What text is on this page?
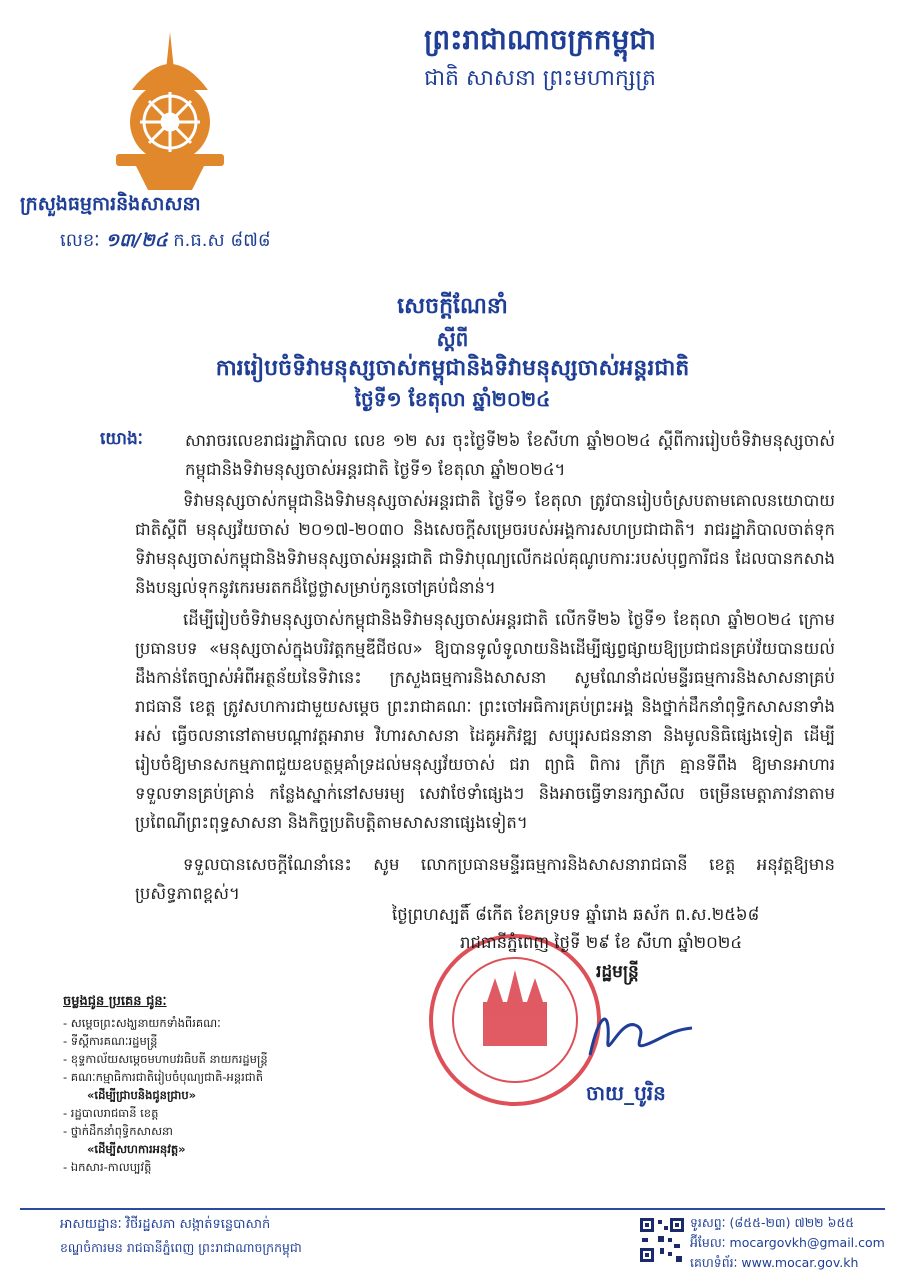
ព្រះរាជាណាចក្រកម្ពុជា
ជាតិ សាសនា ព្រះមហាក្សត្រ
ក្រសួងធម្មការនិងសាសនា
លេខៈ ១៣/២៤ ក.ធ.ស ៨៧៨
សេចក្តីណែនាំ
ស្តីពី
ការរៀបចំទិវាមនុស្សចាស់កម្ពុជានិងទិវាមនុស្សចាស់អន្តរជាតិ
ថ្ងៃទី១ ខែតុលា ឆ្នាំ២០២៤
យោងៈ	សារាចរលេខរាជរដ្ឋាភិបាល លេខ ១២ សរ ចុះថ្ងៃទី២៦ ខែសីហា ឆ្នាំ២០២៤ ស្តីពីការរៀបចំទិវាមនុស្សចាស់កម្ពុជានិងទិវាមនុស្សចាស់អន្តរជាតិ ថ្ងៃទី១ ខែតុលា ឆ្នាំ២០២៤។
ទិវាមនុស្សចាស់កម្ពុជានិងទិវាមនុស្សចាស់អន្តរជាតិ ថ្ងៃទី១ ខែតុលា ត្រូវបានរៀបចំស្របតាមគោលនយោបាយជាតិស្តីពី មនុស្សវ័យចាស់ ២០១៧-២០៣០ និងសេចក្តីសម្រេចរបស់អង្គការសហប្រជាជាតិ។ រាជរដ្ឋាភិបាលចាត់ទុកទិវាមនុស្សចាស់កម្ពុជានិងទិវាមនុស្សចាស់អន្តរជាតិ ជាទិវាបុណ្យលើកដល់គុណូបការៈរបស់បុព្វការីជន ដែលបានកសាងនិងបន្សល់ទុកនូវកេរមរតកដ៏ថ្លៃថ្លាសម្រាប់កូនចៅគ្រប់ជំនាន់។
ដើម្បីរៀបចំទិវាមនុស្សចាស់កម្ពុជានិងទិវាមនុស្សចាស់អន្តរជាតិ លើកទី២៦ ថ្ងៃទី១ ខែតុលា ឆ្នាំ២០២៤ ក្រោមប្រធានបទ «មនុស្សចាស់ក្នុងបរិវត្តកម្មឌីជីថល» ឱ្យបានទូលំទូលាយនិងដើម្បីផ្សព្វផ្សាយឱ្យប្រជាជនគ្រប់វ័យបានយល់ដឹងកាន់តែច្បាស់អំពីអត្ថន័យនៃទិវានេះ ក្រសួងធម្មការនិងសាសនា សូមណែនាំដល់មន្ទីរធម្មការនិងសាសនាគ្រប់រាជធានី ខេត្ត ត្រូវសហការជាមួយសម្តេច ព្រះរាជាគណៈ ព្រះចៅអធិការគ្រប់ព្រះអង្គ និងថ្នាក់ដឹកនាំពុទ្ធិកសាសនាទាំងអស់ ធ្វើចលនានៅតាមបណ្តាវត្តអារាម វិហារសាសនា ដៃគូអភិវឌ្ឍ សប្បុរសជននានា និងមូលនិធិផ្សេងទៀត ដើម្បីរៀបចំឱ្យមានសកម្មភាពជួយឧបត្ថម្ភគាំទ្រដល់មនុស្សវ័យចាស់ ជរា ព្យាធិ ពិការ ក្រីក្រ គ្មានទីពឹង ឱ្យមានអាហារទទួលទានគ្រប់គ្រាន់ កន្លែងស្នាក់នៅសមរម្យ សេវាថែទាំផ្សេងៗ និងអាចធ្វើទានរក្សាសីល ចម្រើនមេត្តាភាវនាតាមប្រពៃណីព្រះពុទ្ធសាសនា និងកិច្ចប្រតិបត្តិតាមសាសនាផ្សេងទៀត។
ទទួលបានសេចក្តីណែនាំនេះ សូម លោកប្រធានមន្ទីរធម្មការនិងសាសនារាជធានី ខេត្ត អនុវត្តឱ្យមានប្រសិទ្ធភាពខ្ពស់។
ថ្ងៃព្រហស្បតិ៍ ៨កើត ខែភទ្របទ ឆ្នាំរោង ឆស័ក ព.ស.២៥៦៨
រាជធានីភ្នំពេញ ថ្ងៃទី ២៩ ខែ សីហា ឆ្នាំ២០២៤
រដ្ឋមន្ត្រី
ចាយ_បូរិន
ចម្លងជូន ប្រគេន ជូនៈ
- សម្តេចព្រះសង្ឃនាយកទាំងពីរគណៈ
- ទីស្តីការគណៈរដ្ឋមន្ត្រី
- ខុទ្ទកាល័យសម្តេចមហាបវរធិបតី នាយករដ្ឋមន្ត្រី
- គណៈកម្មាធិការជាតិរៀបចំបុណ្យជាតិ-អន្តរជាតិ
«ដើម្បីជ្រាបនិងជូនជ្រាប»
- រដ្ឋបាលរាជធានី ខេត្ត
- ថ្នាក់ដឹកនាំពុទ្ធិកសាសនា
«ដើម្បីសហការអនុវត្ត»
- ឯកសារ-កាលប្បវត្តិ
អាសយដ្ឋានៈ វិថីរដ្ឋសភា សង្កាត់ទន្លេបាសាក់
ខណ្ឌចំការមន រាជធានីភ្នំពេញ ព្រះរាជាណាចក្រកម្ពុជា
ទូរសព្ទៈ (៨៥៥-២៣) ៧២២ ៦៥៥
អ៊ីមែលៈ mocargovkh@gmail.com
គេហទំព័រៈ www.mocar.gov.kh
